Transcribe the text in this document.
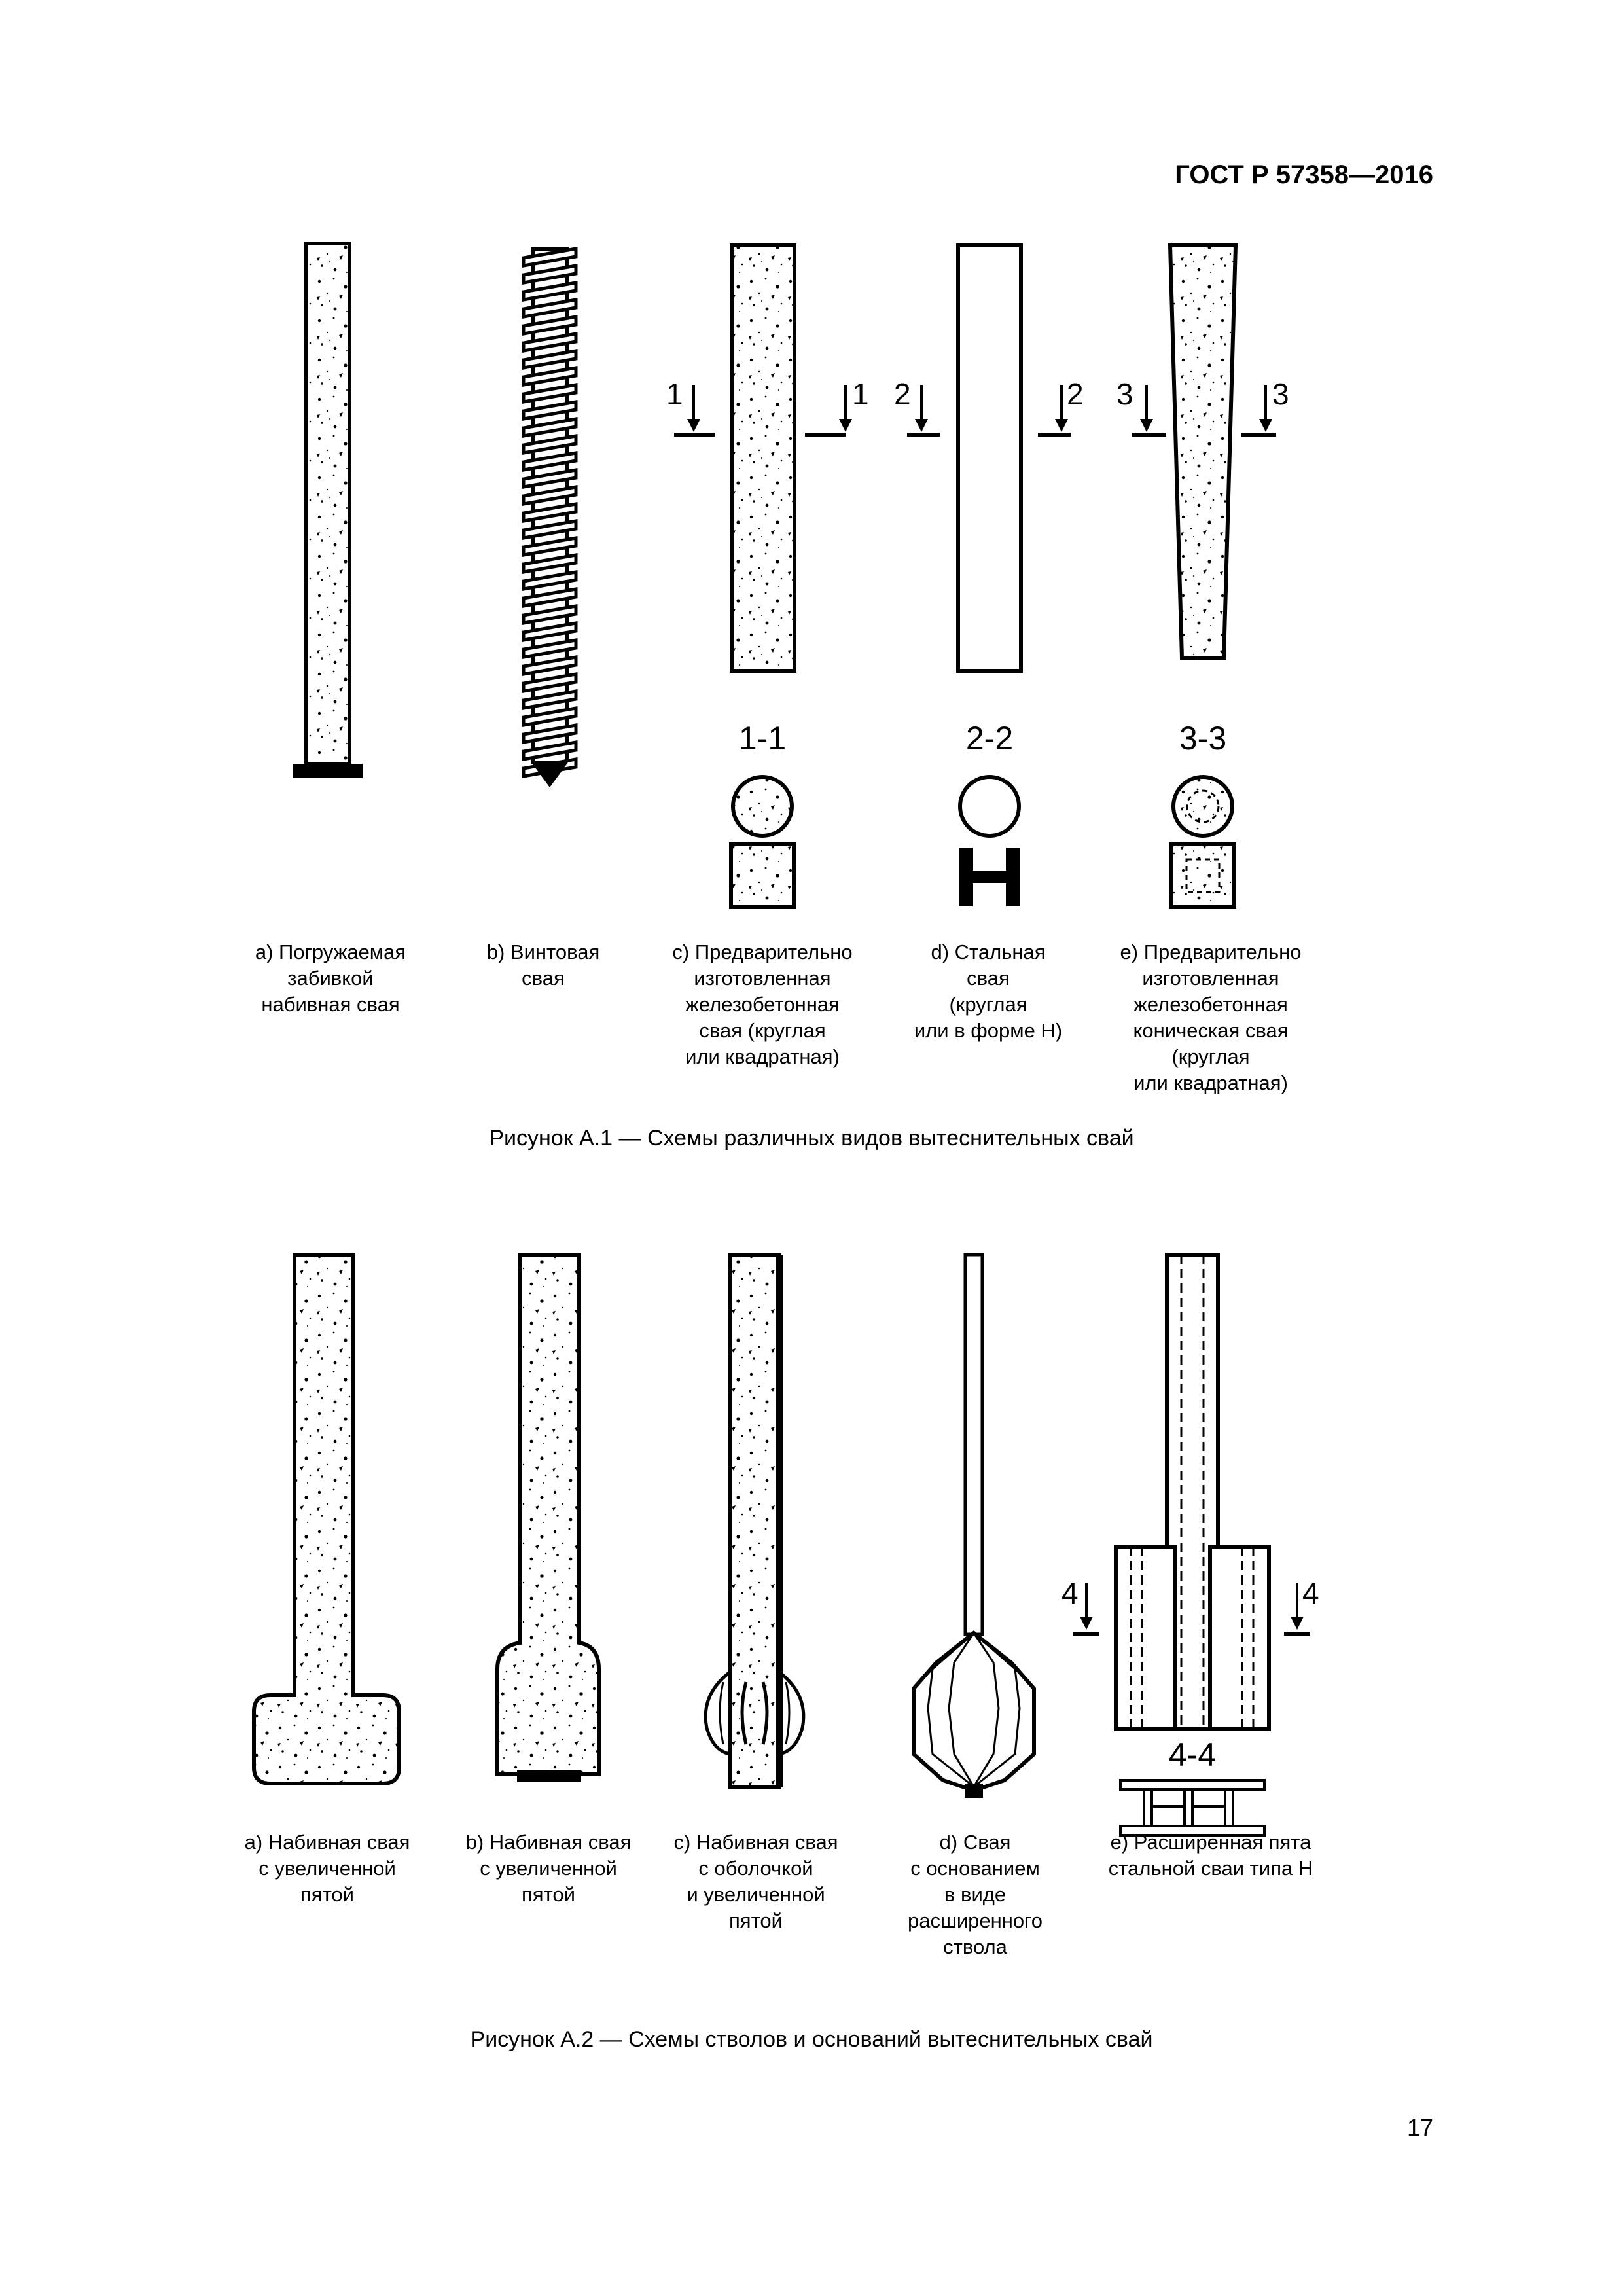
ГОСТ Р 57358—2016
1	1
1-1
2	2
2-2
3	3
3-3
a) Погружаемая
забивкой
набивная свая
b) Винтовая
свая
c) Предварительно
изготовленная
железобетонная
свая (круглая
или квадратная)
d) Стальная
свая
(круглая
или в форме Н)
e) Предварительно
изготовленная
железобетонная
коническая свая
(круглая
или квадратная)
Рисунок А.1 — Схемы различных видов вытеснительных свай
4	4
4-4
a) Набивная свая
с увеличенной
пятой
b) Набивная свая
с увеличенной
пятой
c) Набивная свая
с оболочкой
и увеличенной
пятой
d) Свая
с основанием
в виде
расширенного
ствола
e) Расширенная пята
стальной сваи типа Н
Рисунок А.2 — Схемы стволов и оснований вытеснительных свай
17
